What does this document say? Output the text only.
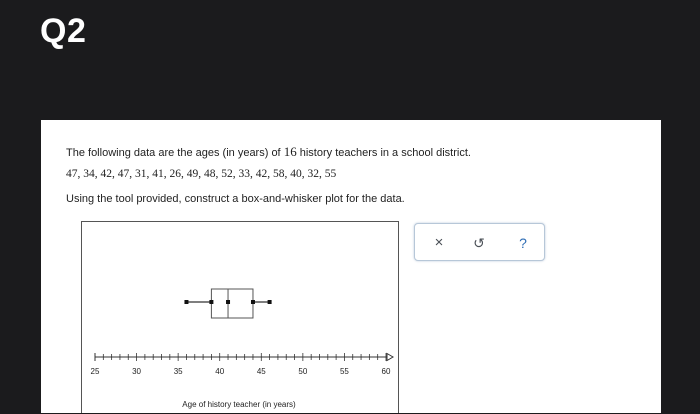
Q2
The following data are the ages (in years) of 16 history teachers in a school district.
47, 34, 42, 47, 31, 41, 26, 49, 48, 52, 33, 42, 58, 40, 32, 55
Using the tool provided, construct a box-and-whisker plot for the data.
25	30	35	40	45	50	55	60
Age of history teacher (in years)
×	↺	?
